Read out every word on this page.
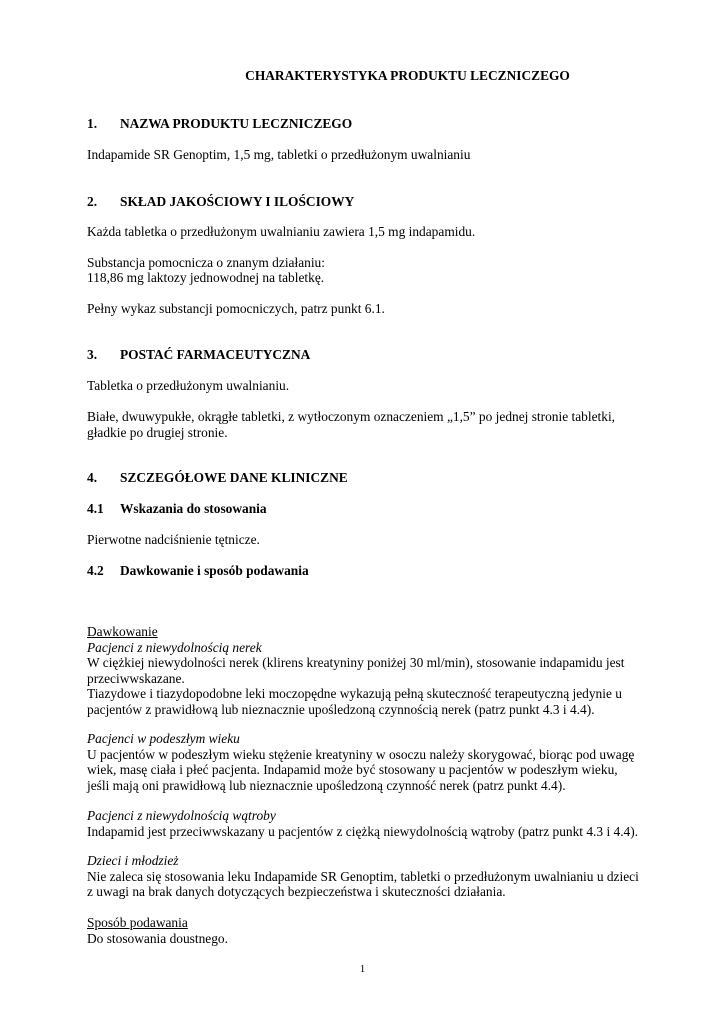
CHARAKTERYSTYKA PRODUKTU LECZNICZEGO
1. NAZWA PRODUKTU LECZNICZEGO
Indapamide SR Genoptim, 1,5 mg, tabletki o przedłużonym uwalnianiu
2. SKŁAD JAKOŚCIOWY I ILOŚCIOWY
Każda tabletka o przedłużonym uwalnianiu zawiera 1,5 mg indapamidu.
Substancja pomocnicza o znanym działaniu:
118,86 mg laktozy jednowodnej na tabletkę.
Pełny wykaz substancji pomocniczych, patrz punkt 6.1.
3. POSTAĆ FARMACEUTYCZNA
Tabletka o przedłużonym uwalnianiu.
Białe, dwuwypukłe, okrągłe tabletki, z wytłoczonym oznaczeniem „1,5” po jednej stronie tabletki,
gładkie po drugiej stronie.
4. SZCZEGÓŁOWE DANE KLINICZNE
4.1 Wskazania do stosowania
Pierwotne nadciśnienie tętnicze.
4.2 Dawkowanie i sposób podawania
Dawkowanie
Pacjenci z niewydolnością nerek
W ciężkiej niewydolności nerek (klirens kreatyniny poniżej 30 ml/min), stosowanie indapamidu jest
przeciwwskazane.
Tiazydowe i tiazydopodobne leki moczopędne wykazują pełną skuteczność terapeutyczną jedynie u
pacjentów z prawidłową lub nieznacznie upośledzoną czynnością nerek (patrz punkt 4.3 i 4.4).
Pacjenci w podeszłym wieku
U pacjentów w podeszłym wieku stężenie kreatyniny w osoczu należy skorygować, biorąc pod uwagę
wiek, masę ciała i płeć pacjenta. Indapamid może być stosowany u pacjentów w podeszłym wieku,
jeśli mają oni prawidłową lub nieznacznie upośledzoną czynność nerek (patrz punkt 4.4).
Pacjenci z niewydolnością wątroby
Indapamid jest przeciwwskazany u pacjentów z ciężką niewydolnością wątroby (patrz punkt 4.3 i 4.4).
Dzieci i młodzież
Nie zaleca się stosowania leku Indapamide SR Genoptim, tabletki o przedłużonym uwalnianiu u dzieci
z uwagi na brak danych dotyczących bezpieczeństwa i skuteczności działania.
Sposób podawania
Do stosowania doustnego.
1
